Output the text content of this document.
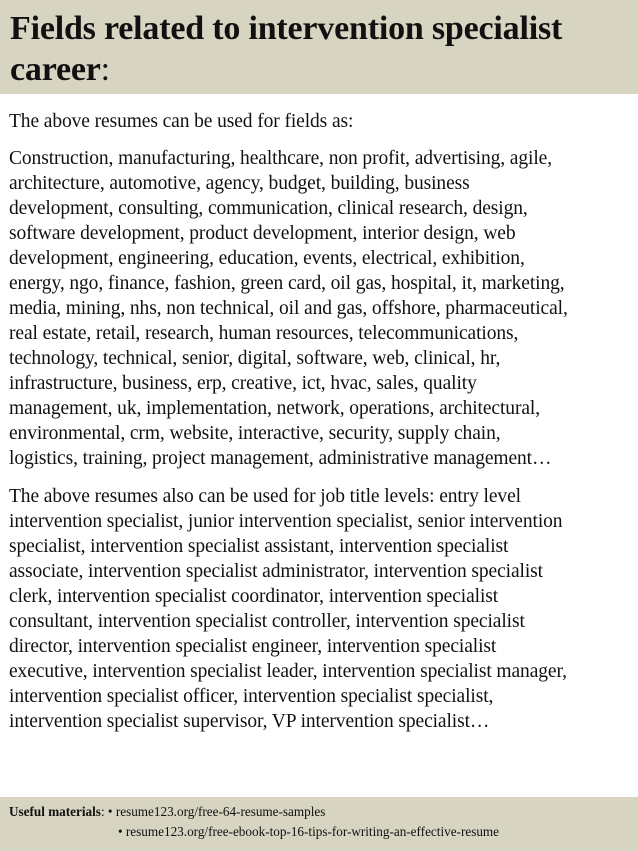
Fields related to intervention specialist
career:

The above resumes can be used for fields as:

Construction, manufacturing, healthcare, non profit, advertising, agile,
architecture, automotive, agency, budget, building, business
development, consulting, communication, clinical research, design,
software development, product development, interior design, web
development, engineering, education, events, electrical, exhibition,
energy, ngo, finance, fashion, green card, oil gas, hospital, it, marketing,
media, mining, nhs, non technical, oil and gas, offshore, pharmaceutical,
real estate, retail, research, human resources, telecommunications,
technology, technical, senior, digital, software, web, clinical, hr,
infrastructure, business, erp, creative, ict, hvac, sales, quality
management, uk, implementation, network, operations, architectural,
environmental, crm, website, interactive, security, supply chain,
logistics, training, project management, administrative management…
The above resumes also can be used for job title levels: entry level
intervention specialist, junior intervention specialist, senior intervention
specialist, intervention specialist assistant, intervention specialist
associate, intervention specialist administrator, intervention specialist
clerk, intervention specialist coordinator, intervention specialist
consultant, intervention specialist controller, intervention specialist
director, intervention specialist engineer, intervention specialist
executive, intervention specialist leader, intervention specialist manager,
intervention specialist officer, intervention specialist specialist,
intervention specialist supervisor, VP intervention specialist…
Useful materials: • resume123.org/free-64-resume-samples
• resume123.org/free-ebook-top-16-tips-for-writing-an-effective-resume
